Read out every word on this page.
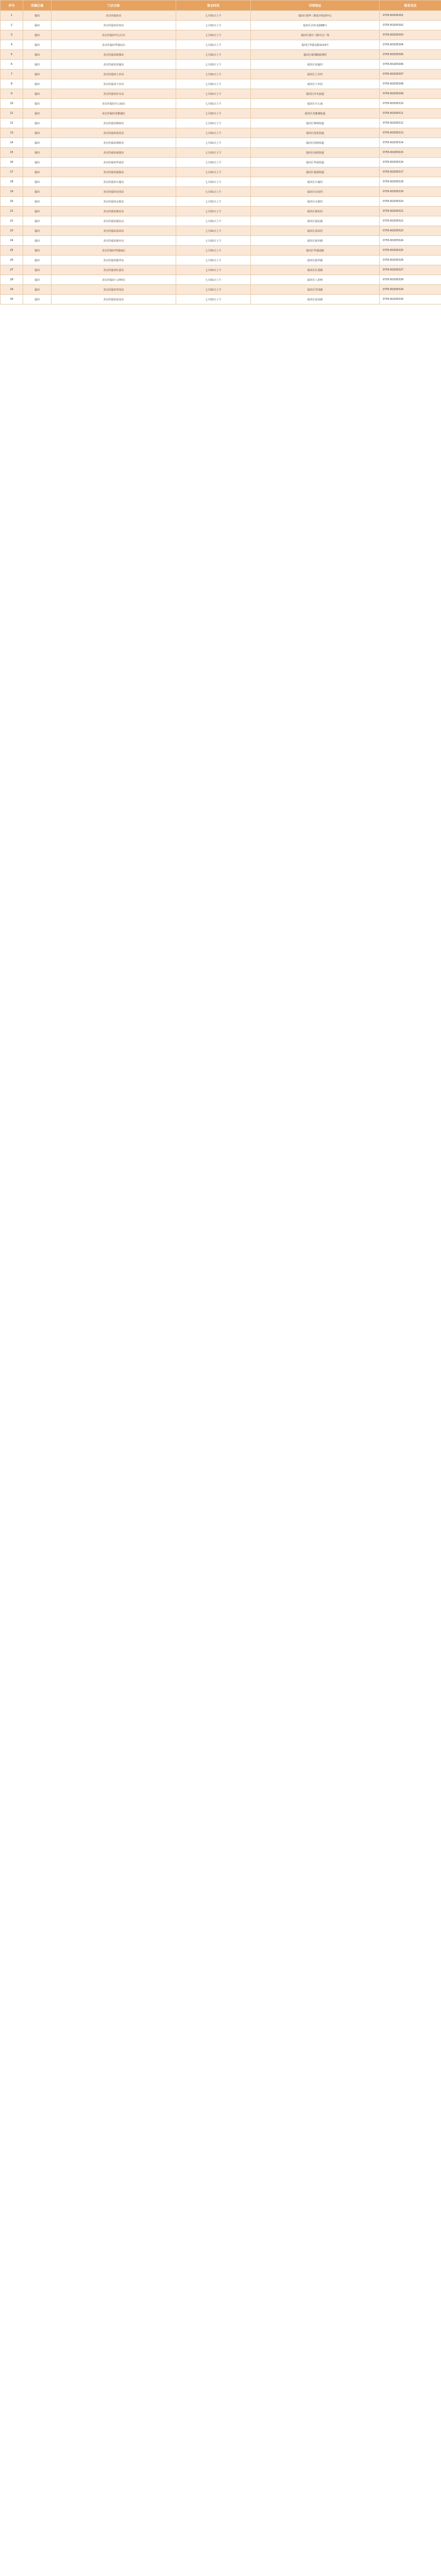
序号	所属区域	门店名称	营业时间	详细地址	联系电话
1	福田	美宜佳福田店	七月01日上午	福田区福华三路星河发展中心	0755-83205301
2	福田	美宜佳福田景田店	七月01日上午	福田区景田北路88号	0755-83205302
3	福田	美宜佳福田中心区店	七月01日上午	福田区福中三路中心广场	0755-83205303
4	福田	美宜佳福田华强北店	七月01日上午	福田区华强北路1019号	0755-83205304
5	福田	美宜佳福田新洲店	七月01日上午	福田区新洲路新洲村	0755-83205305
6	福田	美宜佳福田岗厦店	七月01日上午	福田区岗厦村	0755-83205306
7	福田	美宜佳福田上沙店	七月01日上午	福田区上沙村	0755-83205307
8	福田	美宜佳福田下沙店	七月01日上午	福田区下沙村	0755-83205308
9	福田	美宜佳福田沙头店	七月01日上午	福田区沙头街道	0755-83205309
10	福田	美宜佳福田车公庙店	七月01日上午	福田区车公庙	0755-83205310
11	福田	美宜佳福田香蜜湖店	七月01日上午	福田区香蜜湖街道	0755-83205311
12	福田	美宜佳福田梅林店	七月01日上午	福田区梅林街道	0755-83205312
13	福田	美宜佳福田莲花店	七月01日上午	福田区莲花街道	0755-83205313
14	福田	美宜佳福田园岭店	七月01日上午	福田区园岭街道	0755-83205314
15	福田	美宜佳福田南园店	七月01日上午	福田区南园街道	0755-83205315
16	福田	美宜佳福田华富店	七月01日上午	福田区华富街道	0755-83205316
17	福田	美宜佳福田福保店	七月01日上午	福田区福保街道	0755-83205317
18	福田	美宜佳福田石厦店	七月01日上午	福田区石厦村	0755-83205318
19	福田	美宜佳福田皇岗店	七月01日上午	福田区皇岗村	0755-83205319
20	福田	美宜佳福田水围店	七月01日上午	福田区水围村	0755-83205320
21	福田	美宜佳福田渔农店	七月01日上午	福田区渔农村	0755-83205321
22	福田	美宜佳福田福民店	七月01日上午	福田区福民路	0755-83205322
23	福田	美宜佳福田益田店	七月01日上午	福田区益田村	0755-83205323
24	福田	美宜佳福田新沙店	七月01日上午	福田区新沙路	0755-83205324
25	福田	美宜佳福田华强南店	七月01日上午	福田区华强南路	0755-83205325
26	福田	美宜佳福田振华店	七月01日上午	福田区振华路	0755-83205326
27	福田	美宜佳福田红荔店	七月01日上午	福田区红荔路	0755-83205327
28	福田	美宜佳福田八卦岭店	七月01日上午	福田区八卦岭	0755-83205328
29	福田	美宜佳福田笋岗店	七月01日上午	福田区笋岗路	0755-83205329
30	福田	美宜佳福田泥岗店	七月01日上午	福田区泥岗路	0755-83205330
